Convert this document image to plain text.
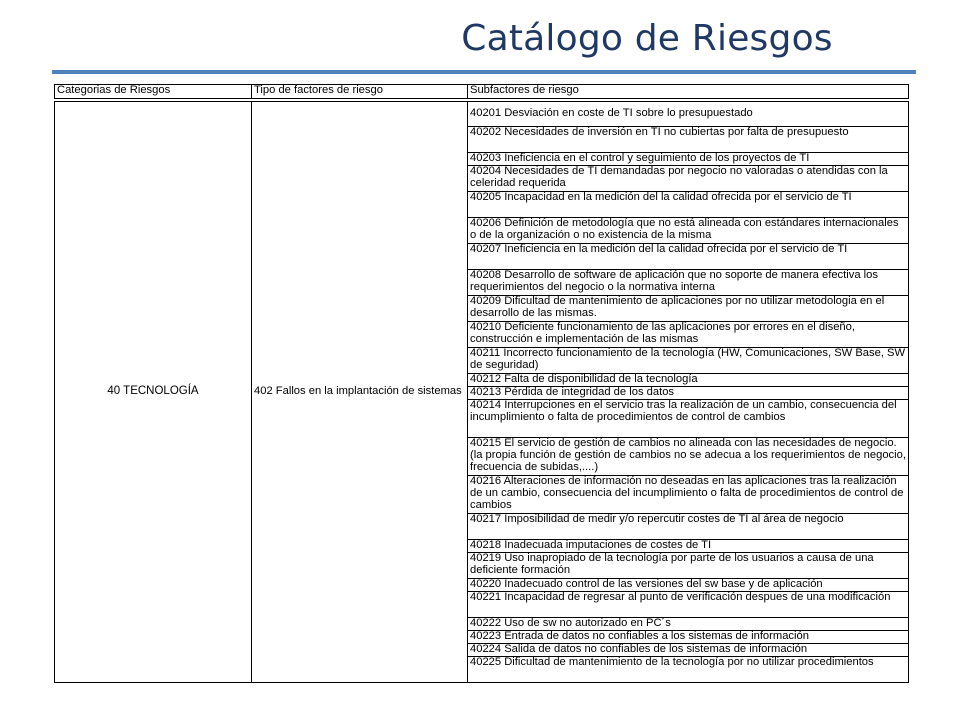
Catálogo de Riesgos
Categorias de Riesgos	Tipo de factores de riesgo	Subfactores de riesgo

40 TECNOLOGÍA	402 Fallos en la implantación de sistemas	40201 Desviación en coste de TI sobre lo presupuestado
		40202 Necesidades de inversión en TI no cubiertas por falta de presupuesto
		40203 Ineficiencia en el control y seguimiento de los proyectos de TI
		40204 Necesidades de TI demandadas por negocio no valoradas o atendidas con la celeridad requerida
		40205 Incapacidad en la medición del la calidad ofrecida por el servicio de TI
		40206 Definición de metodología que no está alineada con estándares internacionales o de la organización o no existencia de la misma
		40207 Ineficiencia en la medición del la calidad ofrecida por el servicio de TI
		40208 Desarrollo de software de aplicación que no soporte de manera efectiva los requerimientos del negocio o la normativa interna
		40209 Dificultad de mantenimiento de aplicaciones por no utilizar metodologia en el desarrollo de las mismas.
		40210 Deficiente funcionamiento de las aplicaciones por errores en el diseño, construcción e implementación de las mismas
		40211 Incorrecto funcionamiento de la tecnología (HW, Comunicaciones, SW Base, SW de seguridad)
		40212 Falta de disponibilidad de la tecnología
		40213 Pérdida de integridad de los datos
		40214 Interrupciones en el servicio tras la realización de un cambio, consecuencia del incumplimiento o falta de procedimientos de control de cambios
		40215 El servicio de gestión de cambios no alineada con las necesidades de negocio. (la propia función de gestión de cambios no se adecua a los requerimientos de negocio, frecuencia de subidas,....)
		40216 Alteraciones de información no deseadas en las aplicaciones tras la realización de un cambio, consecuencia del incumplimiento o falta de procedimientos de control de cambios
		40217 Imposibilidad de medir y/o repercutir costes de TI al área de negocio
		40218 Inadecuada imputaciones de costes de TI
		40219 Uso inapropiado de la tecnología por parte de los usuarios a causa de una deficiente formación
		40220 Inadecuado control de las versiones del sw base y de aplicación
		40221 Incapacidad de regresar al punto de verificación despues de una modificación
		40222 Uso de sw no autorizado en PC´s
		40223 Entrada de datos no confiables a los sistemas de información
		40224 Salida de datos no confiables de los sistemas de información
		40225 Dificultad de mantenimiento de la tecnología por no utilizar procedimientos
